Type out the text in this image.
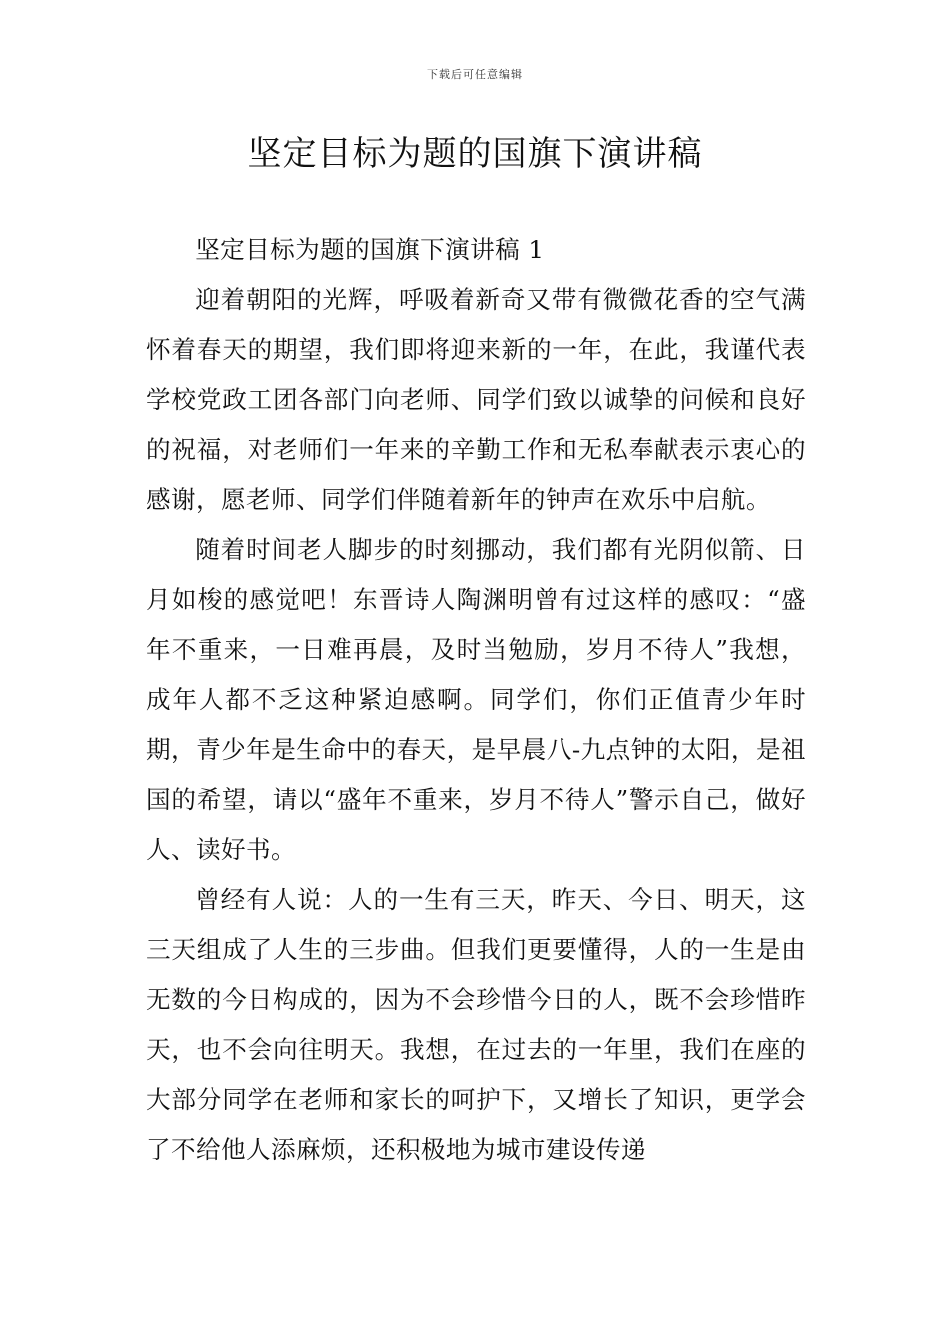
下载后可任意编辑
坚定目标为题的国旗下演讲稿

坚定目标为题的国旗下演讲稿 1

迎着朝阳的光辉，呼吸着新奇又带有微微花香的空气满怀着春天的期望，我们即将迎来新的一年，在此，我谨代表学校党政工团各部门向老师、同学们致以诚挚的问候和良好的祝福，对老师们一年来的辛勤工作和无私奉献表示衷心的感谢，愿老师、同学们伴随着新年的钟声在欢乐中启航。

随着时间老人脚步的时刻挪动，我们都有光阴似箭、日月如梭的感觉吧！东晋诗人陶渊明曾有过这样的感叹：“盛年不重来，一日难再晨，及时当勉励，岁月不待人”我想，成年人都不乏这种紧迫感啊。同学们，你们正值青少年时期，青少年是生命中的春天，是早晨八-九点钟的太阳，是祖国的希望，请以“盛年不重来，岁月不待人”警示自己，做好人、读好书。

曾经有人说：人的一生有三天，昨天、今日、明天，这三天组成了人生的三步曲。但我们更要懂得，人的一生是由无数的今日构成的，因为不会珍惜今日的人，既不会珍惜昨天，也不会向往明天。我想，在过去的一年里，我们在座的大部分同学在老师和家长的呵护下，又增长了知识，更学会了不给他人添麻烦，还积极地为城市建设传递
